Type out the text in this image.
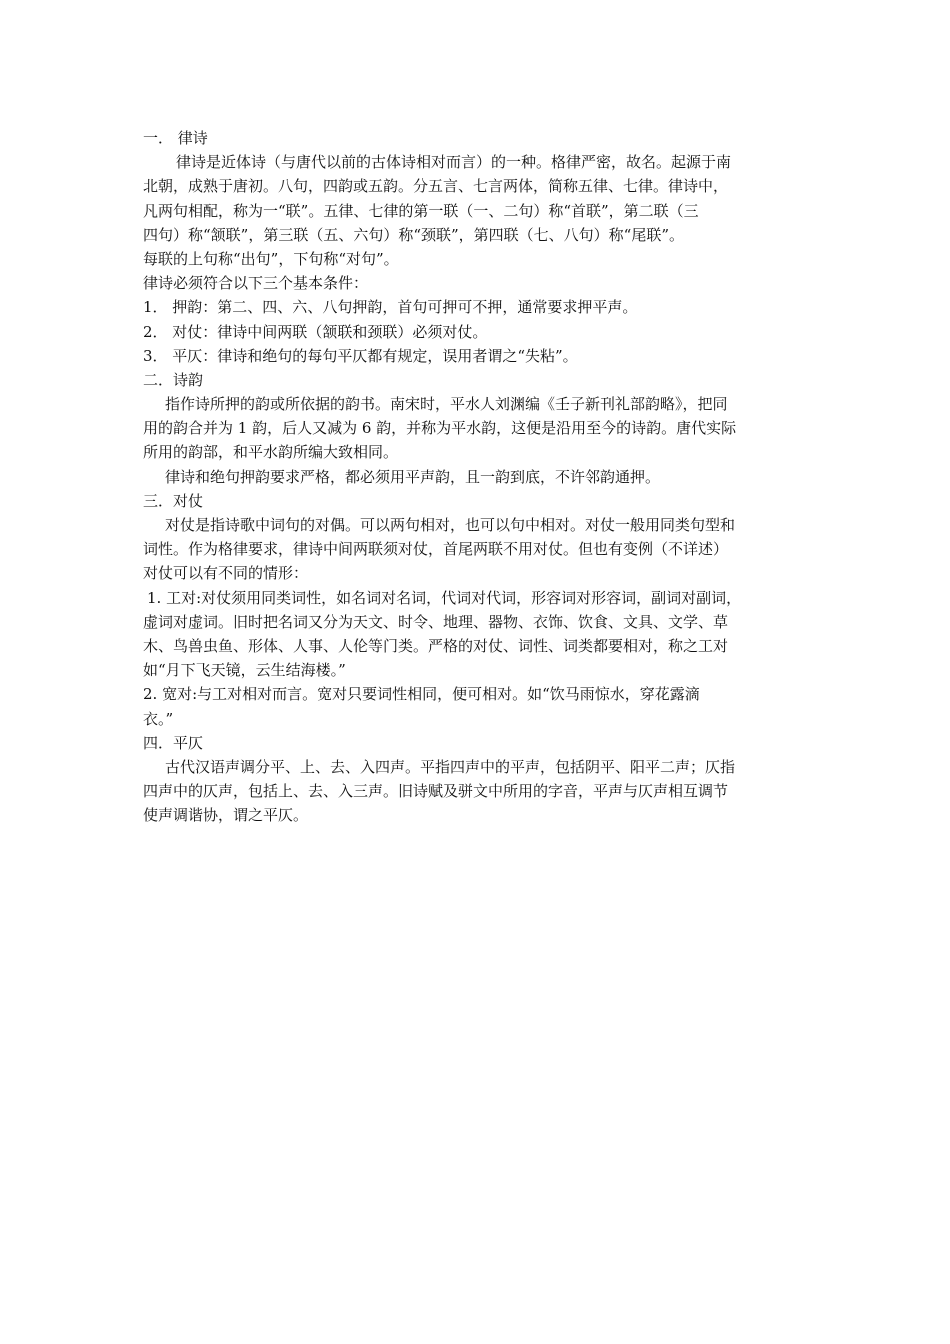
一． 律诗
律诗是近体诗（与唐代以前的古体诗相对而言）的一种。格律严密，故名。起源于南
北朝，成熟于唐初。八句，四韵或五韵。分五言、七言两体，简称五律、七律。律诗中，
凡两句相配，称为一“联”。五律、七律的第一联（一、二句）称“首联”，第二联（三
四句）称“颔联”，第三联（五、六句）称“颈联”，第四联（七、八句）称“尾联”。
每联的上句称“出句”，下句称“对句”。
律诗必须符合以下三个基本条件：
1． 押韵：第二、四、六、八句押韵，首句可押可不押，通常要求押平声。
2． 对仗：律诗中间两联（颔联和颈联）必须对仗。
3． 平仄：律诗和绝句的每句平仄都有规定，误用者谓之“失粘”。
二．诗韵
指作诗所押的韵或所依据的韵书。南宋时，平水人刘渊编《壬子新刊礼部韵略》，把同
用的韵合并为 1 韵，后人又减为 6 韵，并称为平水韵，这便是沿用至今的诗韵。唐代实际
所用的韵部，和平水韵所编大致相同。
律诗和绝句押韵要求严格，都必须用平声韵，且一韵到底，不许邻韵通押。
三．对仗
对仗是指诗歌中词句的对偶。可以两句相对，也可以句中相对。对仗一般用同类句型和
词性。作为格律要求，律诗中间两联须对仗，首尾两联不用对仗。但也有变例（不详述）
对仗可以有不同的情形：
1. 工对:对仗须用同类词性，如名词对名词，代词对代词，形容词对形容词，副词对副词，
虚词对虚词。旧时把名词又分为天文、时令、地理、器物、衣饰、饮食、文具、文学、草
木、鸟兽虫鱼、形体、人事、人伦等门类。严格的对仗、词性、词类都要相对，称之工对
如“月下飞天镜，云生结海楼。”
2. 宽对:与工对相对而言。宽对只要词性相同，便可相对。如“饮马雨惊水，穿花露滴
衣。”
四．平仄
古代汉语声调分平、上、去、入四声。平指四声中的平声，包括阴平、阳平二声；仄指
四声中的仄声，包括上、去、入三声。旧诗赋及骈文中所用的字音，平声与仄声相互调节
使声调谐协，谓之平仄。
